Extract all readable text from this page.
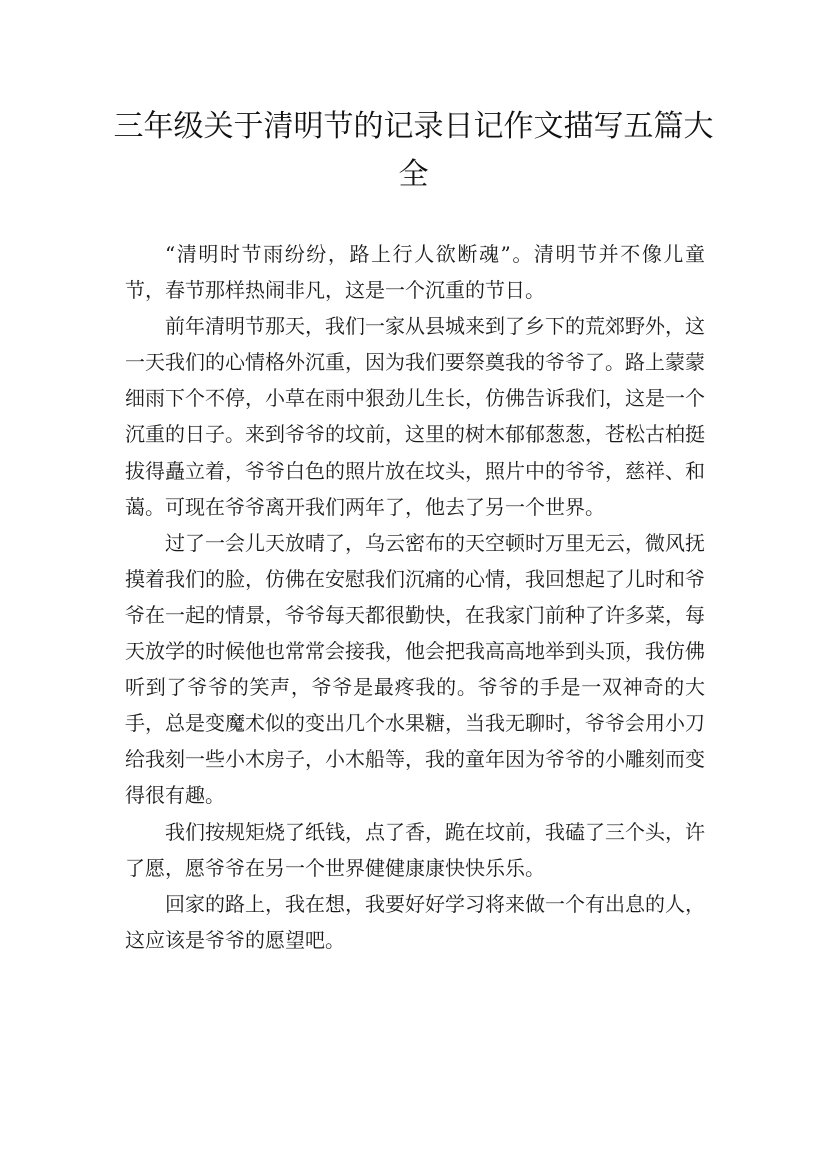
三年级关于清明节的记录日记作文描写五篇大全

“清明时节雨纷纷，路上行人欲断魂”。清明节并不像儿童节，春节那样热闹非凡，这是一个沉重的节日。

前年清明节那天，我们一家从县城来到了乡下的荒郊野外，这一天我们的心情格外沉重，因为我们要祭奠我的爷爷了。路上蒙蒙细雨下个不停，小草在雨中狠劲儿生长，仿佛告诉我们，这是一个沉重的日子。来到爷爷的坟前，这里的树木郁郁葱葱，苍松古柏挺拔得矗立着，爷爷白色的照片放在坟头，照片中的爷爷，慈祥、和蔼。可现在爷爷离开我们两年了，他去了另一个世界。

过了一会儿天放晴了，乌云密布的天空顿时万里无云，微风抚摸着我们的脸，仿佛在安慰我们沉痛的心情，我回想起了儿时和爷爷在一起的情景，爷爷每天都很勤快，在我家门前种了许多菜，每天放学的时候他也常常会接我，他会把我高高地举到头顶，我仿佛听到了爷爷的笑声，爷爷是最疼我的。爷爷的手是一双神奇的大手，总是变魔术似的变出几个水果糖，当我无聊时，爷爷会用小刀给我刻一些小木房子，小木船等，我的童年因为爷爷的小雕刻而变得很有趣。

我们按规矩烧了纸钱，点了香，跪在坟前，我磕了三个头，许了愿，愿爷爷在另一个世界健健康康快快乐乐。

回家的路上，我在想，我要好好学习将来做一个有出息的人，这应该是爷爷的愿望吧。
